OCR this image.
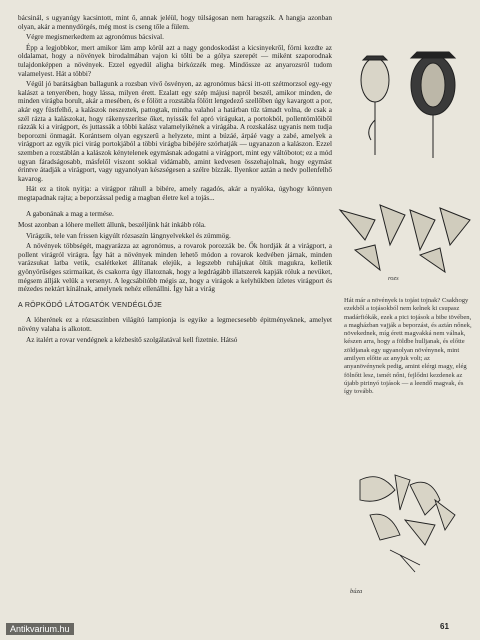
bácsinál, s ugyanúgy kacsintott, mint ő, annak jeléül, hogy túlságosan nem haragszik. A hangja azonban olyan, akár a mennydörgés, még most is cseng tőle a fülem.

Végre megismerkedtem az agronómus bácsival.

Épp a legjobbkor, mert amikor lám amp körül azt a nagy gondoskodást a kicsinyekről, förni kezdte az oldalamat, hogy a növények birodalmában vajon ki tölti be a gólya szerepét — miként szaporodnak tulajdonképpen a növények. Ezzel egyedül aligha birkózzék meg. Mindössze az anyarozsról tudom valamelyest. Hát a többi?

Végül jó barátságban ballagunk a rozsban vivő ösvényen, az agronómus bácsi itt-ott szétmorzsol egy-egy kalászt a tenyerében, hogy lássa, milyen érett. Ezalatt egy szép májusi napról beszél, amikor minden, de minden virágba borult, akár a mesében, és e fölött a rozstábla fölött lengedező szellőben úgy kavargott a por, akár egy füstfelhő, a kalászok neszeztek, pattogtak, mintha valahol a határban tűz támadt volna, de csak a szél rázta a kalászokat, hogy rákenyszerítse őket, nyissák fel apró virágukat, a portokból, pollentömlőiből rázzák ki a virágport, és juttassák a többi kalász valamelyikének a virágába. A rozskalász ugyanis nem tudja beporozni önmagát. Korántsem olyan egyszerű a helyzete, mint a búzáé, árpáé vagy a zabé, amelyek a virágport az egyik pici virág portokjából a többi virágba bibéjére szórhatják — ugyanazon a kalászon. Ezzel szemben a rozstáblán a kalászok kénytelenek egymásnak adogatni a virágport, mint egy váltóbotot; ez a mód ugyan fáradságosabb, másfelől viszont sokkal vidámabb, amint kedvesen összehajolnak, hogy egymást érintve átadják a virágport, vagy ugyanolyan készségesen a szélre bízzák. Ilyenkor aztán a nedv pollenfelhő kavarog.

Hát ez a titok nyitja: a virágpor ráhull a bibére, amely ragadós, akár a nyalóka, úgyhogy könnyen megtapadnak rajta; a beporzással pedig a magban életre kel a tojás...

A gabonának a mag a termése.

Most azonban a lóhere mellett állunk, beszéljünk hát inkább róla.

Virágzik, tele van frissen kigyúlt rózsaszín lángnyelvekkel és zümmög.

A növények többségét, magyarázza az agronómus, a rovarok porozzák be. Ők hordják át a virágport, a pollent virágról virágra. Így hát a növények minden lehető módon a rovarok kedvében járnak, minden varázsukat latba vetik, csalétkeket állítanak elejük, a legszebb ruhájukat öltik magukra, kelletik gyönyörűséges szirmaikat, és csakorra úgy illatoznak, hogy a legdrágább illatszerek kapják róluk a nevüket, mégsem állják velük a versenyt. A legcsábítóbb mégis az, hogy a virágok a kelyhükben ízletes virágport és mézedes nektárt kínálnak, amelynek nehéz ellenállni. Így hát a virág

A RÖPKÖDŐ LÁTOGATÓK VENDÉGLŐJE

A lóherének ez a rózsaszínben világító lampionja is egyike a legmecsesebb épitményeknek, amelyet növény valaha is alkotott.

Az italért a rovar vendégnek a kézbesítő szolgálatával kell fizetnie. Hátsó

rozs
Hát már a növények is tojást tojnak? Csakhogy ezekből a tojásokból nem kelnek ki csupasz madárfiókák, ezek a pici tojások a bibe tövében, a magházban vajják a beporzást, és aztán nőnek, növekednek, míg érett magvakká nem válnak, készen arra, hogy a földbe hulljanak, és előtte zöldjanak egy ugyanolyan növénynek, mint amilyen előtte az anyjuk volt; az anyanövénynek pedig, amint elérgi magy, elég fölnőtt lesz, ismét nőni, fejlődni kezdenek az újabb pirinyó tojások — a leendő magvak, és így tovább.
búza
61
Antikvarium.hu
